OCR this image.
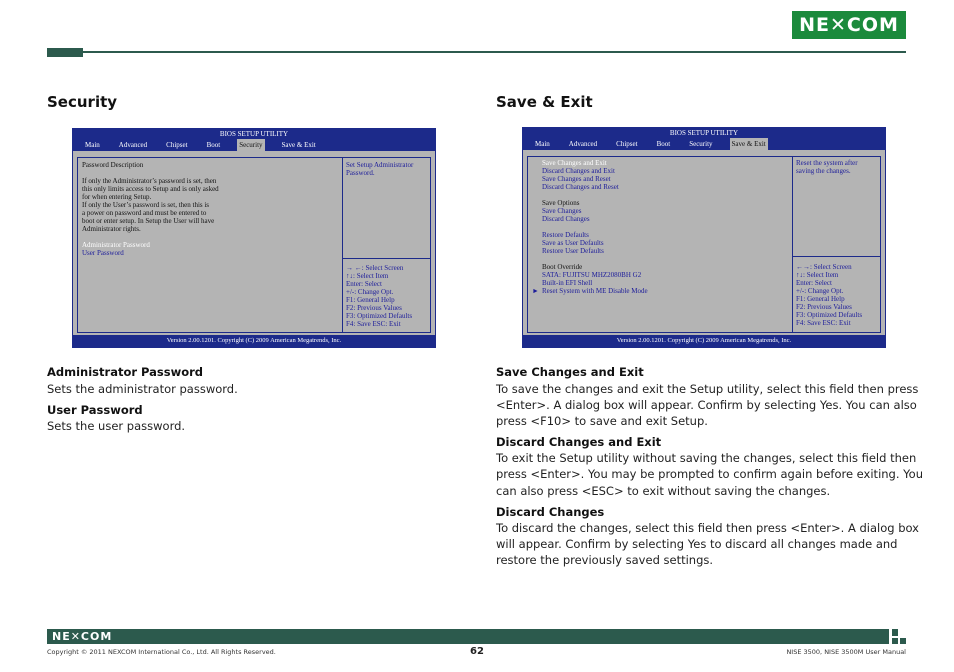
NE✕COM
Security
BIOS SETUP UTILITY
Main	Advanced	Chipset	Boot	Security	Save & Exit
Password Description
If only the Administrator’s password is set, then
this only limits access to Setup and is only asked
for when entering Setup.
If only the User’s password is set, then this is
a power on password and must be entered to
boot or enter setup. In Setup the User will have
Administrator rights.
Administrator Password
User Password
Set Setup Administrator
Password.
→ ←: Select Screen
↑↓: Select Item
Enter: Select
+/-: Change Opt.
F1: General Help
F2: Previous Values
F3: Optimized Defaults
F4: Save ESC: Exit
Version 2.00.1201. Copyright (C) 2009 American Megatrends, Inc.
Administrator Password
Sets the administrator password.
User Password
Sets the user password.
Save & Exit
BIOS SETUP UTILITY
Main	Advanced	Chipset	Boot	Security	Save & Exit
Save Changes and Exit
Discard Changes and Exit
Save Changes and Reset
Discard Changes and Reset
Save Options
Save Changes
Discard Changes
Restore Defaults
Save as User Defaults
Restore User Defaults
Boot Override
SATA: FUJITSU MHZ2080BH G2
Built-in EFI Shell
► Reset System with ME Disable Mode
Reset the system after
saving the changes.
←→: Select Screen
↑↓: Select Item
Enter: Select
+/-: Change Opt.
F1: General Help
F2: Previous Values
F3: Optimized Defaults
F4: Save ESC: Exit
Version 2.00.1201. Copyright (C) 2009 American Megatrends, Inc.
Save Changes and Exit
To save the changes and exit the Setup utility, select this field then press
<Enter>. A dialog box will appear. Confirm by selecting Yes. You can also
press <F10> to save and exit Setup.
Discard Changes and Exit
To exit the Setup utility without saving the changes, select this field then
press <Enter>. You may be prompted to confirm again before exiting. You
can also press <ESC> to exit without saving the changes.
Discard Changes
To discard the changes, select this field then press <Enter>. A dialog box
will appear. Confirm by selecting Yes to discard all changes made and
restore the previously saved settings.
NE✕COM
Copyright © 2011 NEXCOM International Co., Ltd. All Rights Reserved.	62	NISE 3500, NISE 3500M User Manual
